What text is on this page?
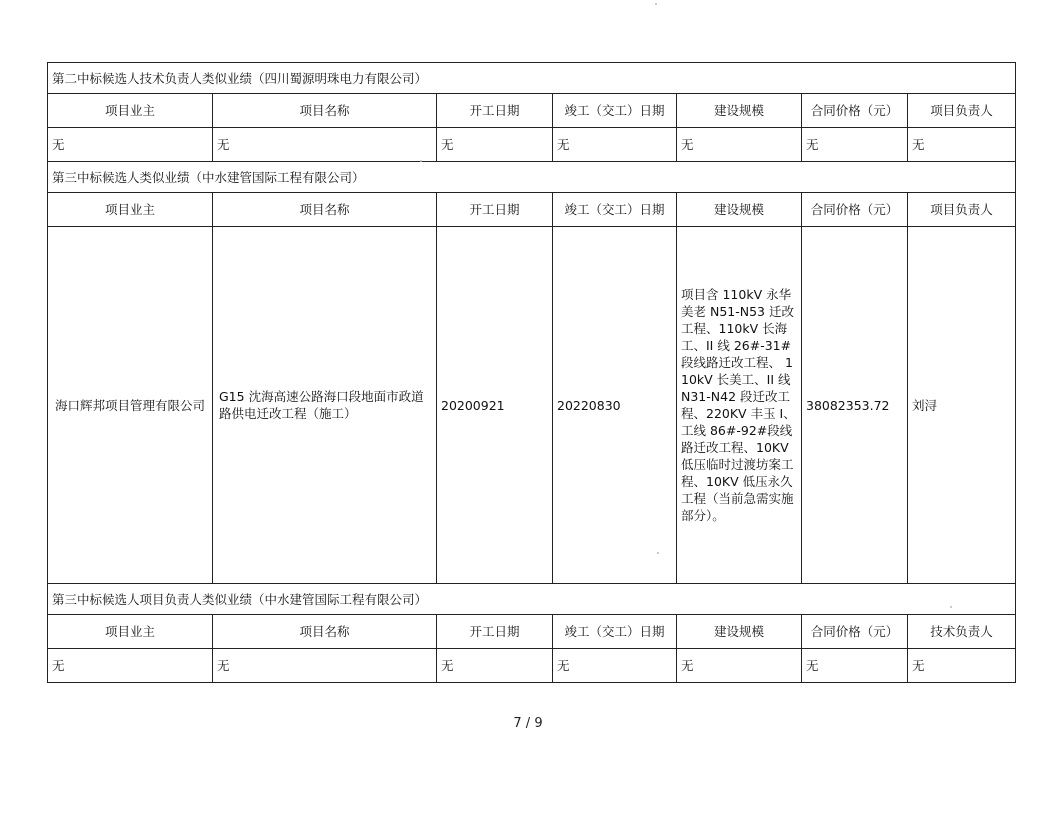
第二中标候选人技术负责人类似业绩（四川蜀源明珠电力有限公司）						
项目业主	项目名称	开工日期	竣工（交工）日期	建设规模	合同价格（元）	项目负责人
无	无	无	无	无	无	无
第三中标候选人类似业绩（中水建管国际工程有限公司）						
项目业主	项目名称	开工日期	竣工（交工）日期	建设规模	合同价格（元）	项目负责人
海口辉邦项目管理有限公司	G15 沈海高速公路海口段地面市政道路供电迁改工程（施工）	20200921	20220830	项目含 110kV 永华美老 N51-N53 迁改工程、110kV 长海工、II 线 26#-31# 段线路迁改工程、 110kV 长美工、II 线 N31-N42 段迁改工程、220KV 丰玉 I、 工线 86#-92#段线路迁改工程、10KV 低压临时过渡坊案工程、10KV 低压永久工程（当前急需实施部分）。	38082353.72	刘浔
第三中标候选人项目负责人类似业绩（中水建管国际工程有限公司）						
项目业主	项目名称	开工日期	竣工（交工）日期	建设规模	合同价格（元）	技术负责人
无	无	无	无	无	无	无
7 / 9
